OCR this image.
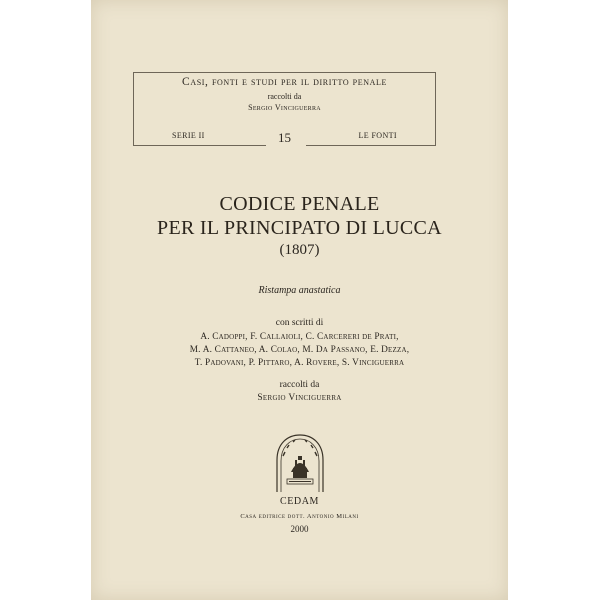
Casi, fonti e studi per il diritto penale
raccolti da
Sergio Vinciguerra
SERIE II	15	LE FONTI
CODICE PENALE
PER IL PRINCIPATO DI LUCCA
(1807)
Ristampa anastatica
con scritti di
A. Cadoppi, F. Callaioli, C. Carcereri de Prati,
M. A. Cattaneo, A. Colao, M. Da Passano, E. Dezza,
T. Padovani, P. Pittaro, A. Rovere, S. Vinciguerra
raccolti da
Sergio Vinciguerra
CEDAM
Casa editrice dott. Antonio Milani
2000
